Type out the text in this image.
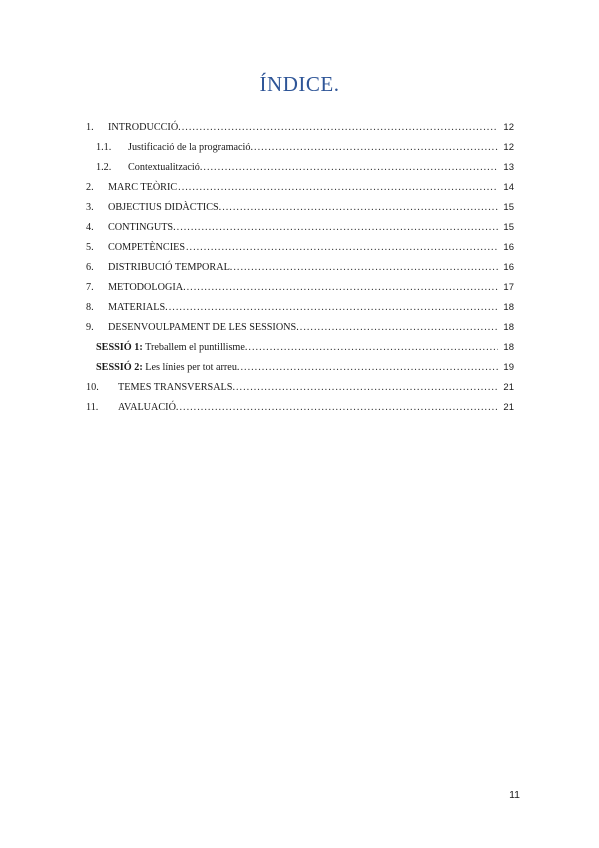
ÍNDICE.
1.	INTRODUCCIÓ. .....	12
1.1.	Justificació de la programació. .....	12
1.2.	Contextualització. .....	13
2.	MARC TEÒRIC .....	14
3.	OBJECTIUS DIDÀCTICS. .....	15
4.	CONTINGUTS. .....	15
5.	COMPETÈNCIES .....	16
6.	DISTRIBUCIÓ TEMPORAL. .....	16
7.	METODOLOGIA. .....	17
8.	MATERIALS. .....	18
9.	DESENVOULPAMENT DE LES SESSIONS. .....	18
SESSIÓ 1: Treballem el puntillisme. .....	18
SESSIÓ 2: Les línies per tot arreu. .....	19
10.	TEMES TRANSVERSALS. .....	21
11.	AVALUACIÓ. .....	21
11
